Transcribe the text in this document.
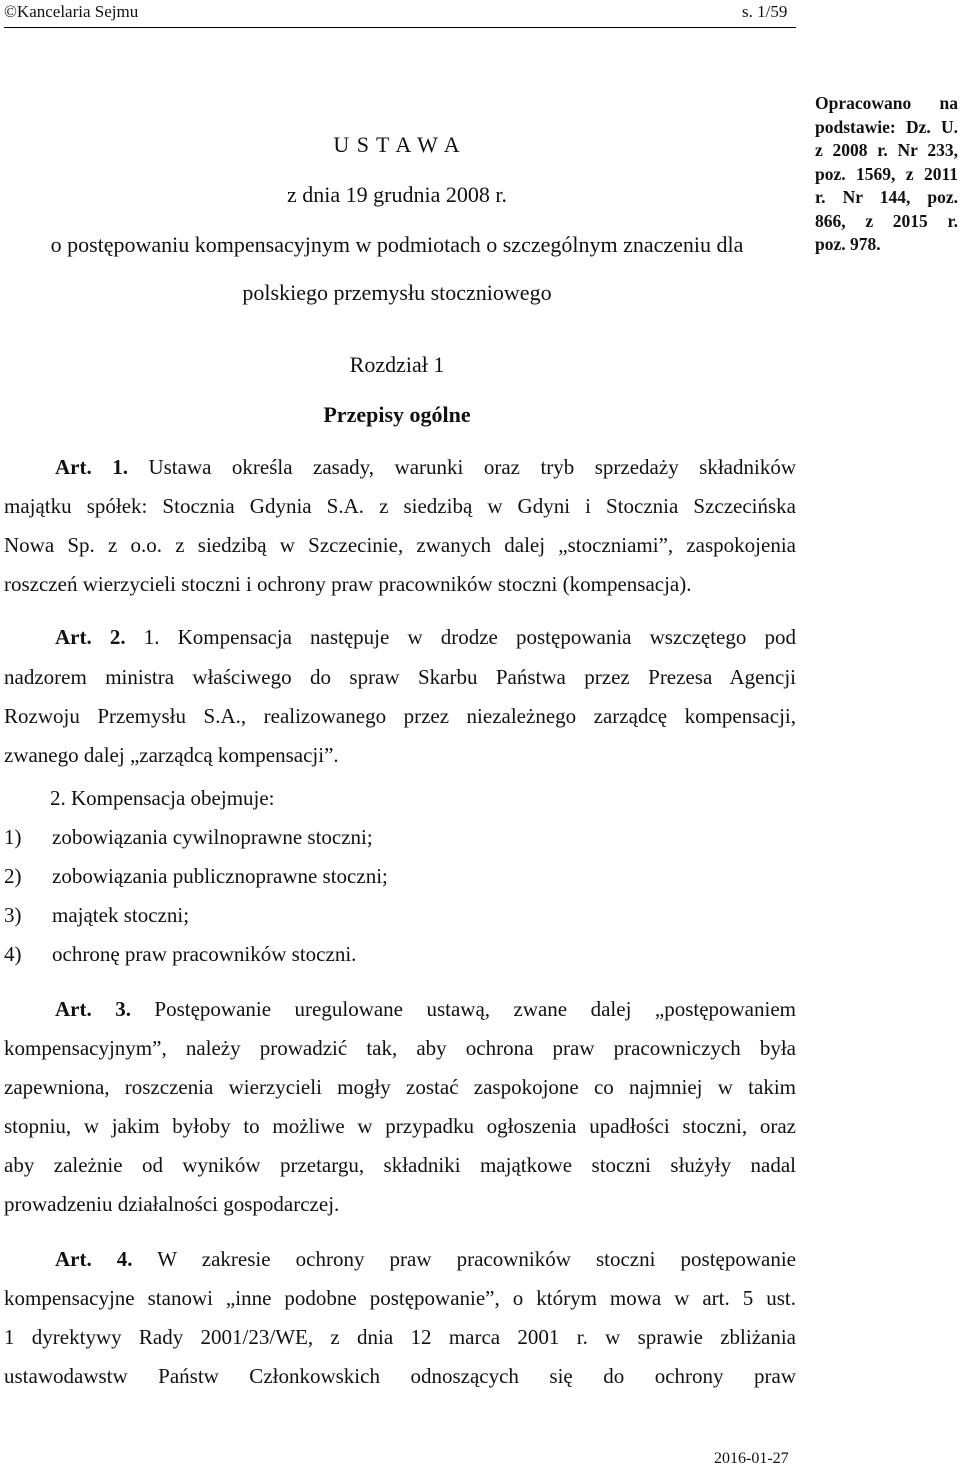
©Kancelaria Sejmu	s. 1/59
U S T A W A
z dnia 19 grudnia 2008 r.
o postępowaniu kompensacyjnym w podmiotach o szczególnym znaczeniu dla
polskiego przemysłu stoczniowego
Opracowano na
podstawie: Dz. U.
z 2008 r. Nr 233,
poz. 1569, z 2011
r. Nr 144, poz.
866, z 2015 r.
poz. 978.
Rozdział 1
Przepisy ogólne
Art. 1. Ustawa określa zasady, warunki oraz tryb sprzedaży składników
majątku spółek: Stocznia Gdynia S.A. z siedzibą w Gdyni i Stocznia Szczecińska
Nowa Sp. z o.o. z siedzibą w Szczecinie, zwanych dalej „stoczniami”, zaspokojenia
roszczeń wierzycieli stoczni i ochrony praw pracowników stoczni (kompensacja).
Art. 2. 1. Kompensacja następuje w drodze postępowania wszczętego pod
nadzorem ministra właściwego do spraw Skarbu Państwa przez Prezesa Agencji
Rozwoju Przemysłu S.A., realizowanego przez niezależnego zarządcę kompensacji,
zwanego dalej „zarządcą kompensacji”.
2. Kompensacja obejmuje:
1) zobowiązania cywilnoprawne stoczni;
2) zobowiązania publicznoprawne stoczni;
3) majątek stoczni;
4) ochronę praw pracowników stoczni.
Art. 3. Postępowanie uregulowane ustawą, zwane dalej „postępowaniem
kompensacyjnym”, należy prowadzić tak, aby ochrona praw pracowniczych była
zapewniona, roszczenia wierzycieli mogły zostać zaspokojone co najmniej w takim
stopniu, w jakim byłoby to możliwe w przypadku ogłoszenia upadłości stoczni, oraz
aby zależnie od wyników przetargu, składniki majątkowe stoczni służyły nadal
prowadzeniu działalności gospodarczej.
Art. 4. W zakresie ochrony praw pracowników stoczni postępowanie
kompensacyjne stanowi „inne podobne postępowanie”, o którym mowa w art. 5 ust.
1 dyrektywy Rady 2001/23/WE, z dnia 12 marca 2001 r. w sprawie zbliżania
ustawodawstw Państw Członkowskich odnoszących się do ochrony praw
2016-01-27
